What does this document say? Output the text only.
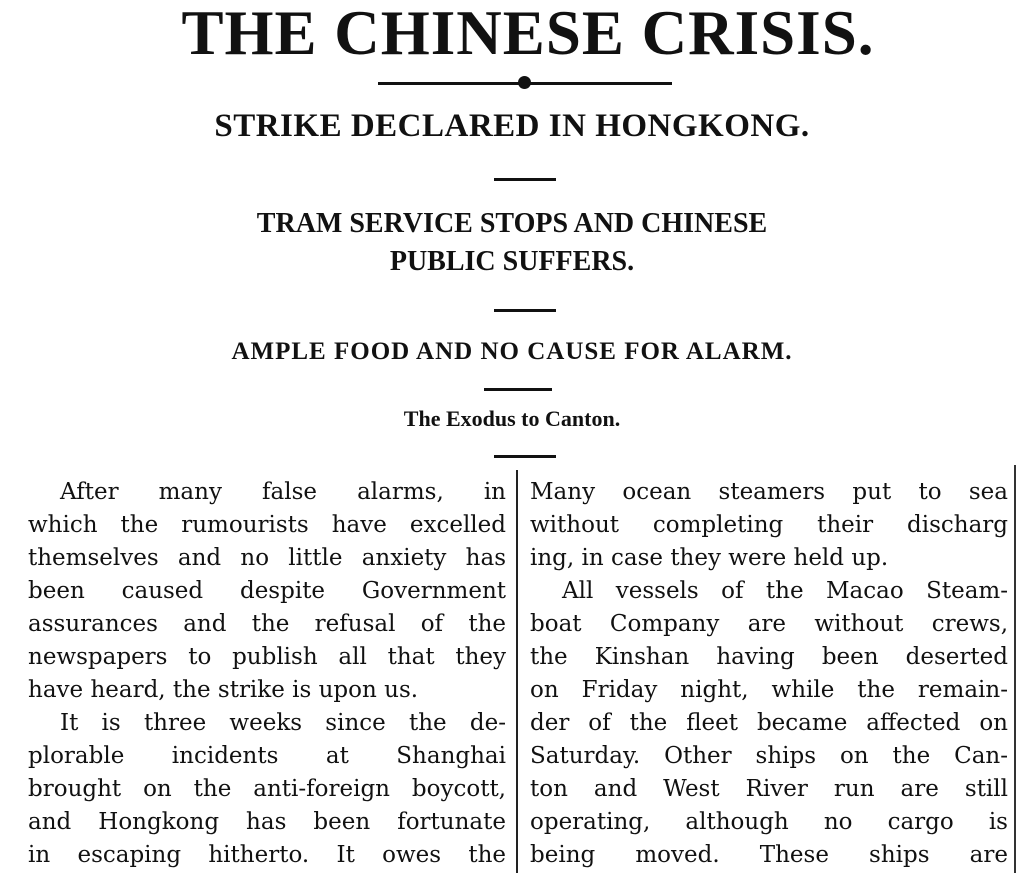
THE CHINESE CRISIS.
STRIKE DECLARED IN HONGKONG.
TRAM SERVICE STOPS AND CHINESE
PUBLIC SUFFERS.
AMPLE FOOD AND NO CAUSE FOR ALARM.
The Exodus to Canton.
After many false alarms, in
which the rumourists have excelled
themselves and no little anxiety has
been caused despite Government
assurances and the refusal of the
newspapers to publish all that they
have heard, the strike is upon us.
It is three weeks since the de-
plorable incidents at Shanghai
brought on the anti-foreign boycott,
and Hongkong has been fortunate
in escaping hitherto. It owes the
Many ocean steamers put to sea
without completing their discharg
ing, in case they were held up.
All vessels of the Macao Steam-
boat Company are without crews,
the Kinshan having been deserted
on Friday night, while the remain-
der of the fleet became affected on
Saturday. Other ships on the Can-
ton and West River run are still
operating, although no cargo is
being moved. These ships are
